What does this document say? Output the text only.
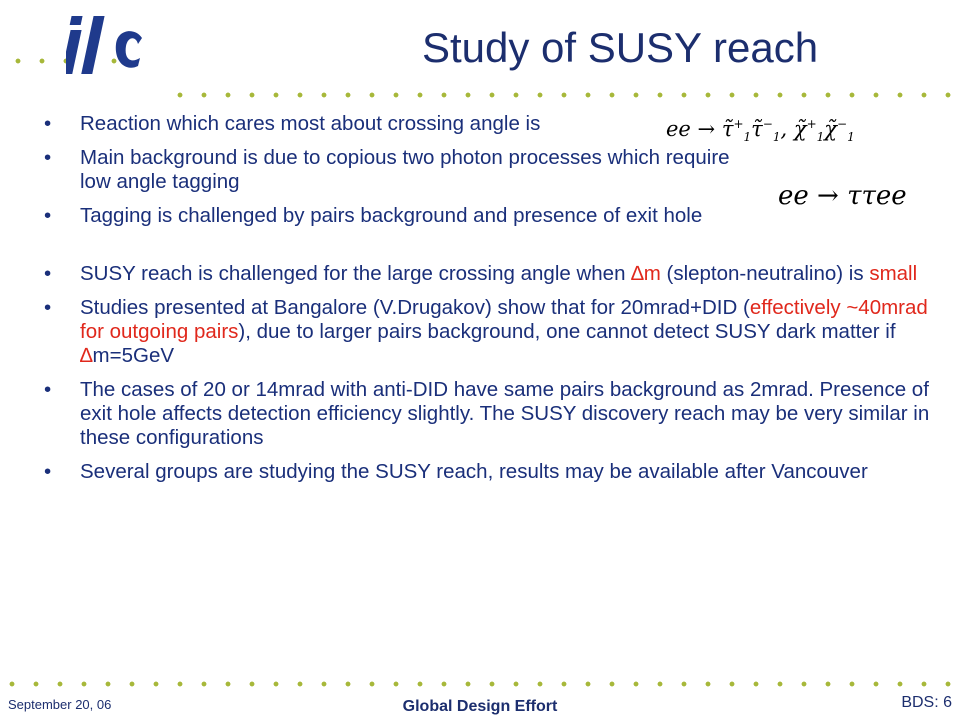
ilc
Study of SUSY reach
• Reaction which cares most about crossing angle is	ee → $\taũ^+_1\taũ^-_1$, $\chĩ^+_1\chĩ^-_1$
• Main background is due to copious two photon processes which require low angle tagging	ee → ττee
• Tagging is challenged by pairs background and presence of exit hole
• SUSY reach is challenged for the large crossing angle when ∆m (slepton-neutralino) is small
• Studies presented at Bangalore (V.Drugakov) show that for 20mrad+DID (effectively ~40mrad for outgoing pairs), due to larger pairs background, one cannot detect SUSY dark matter if ∆m=5GeV
• The cases of 20 or 14mrad with anti-DID have same pairs background as 2mrad. Presence of exit hole affects detection efficiency slightly. The SUSY discovery reach may be very similar in these configurations
• Several groups are studying the SUSY reach, results may be available after Vancouver
September 20, 06	Global Design Effort	BDS: 6
